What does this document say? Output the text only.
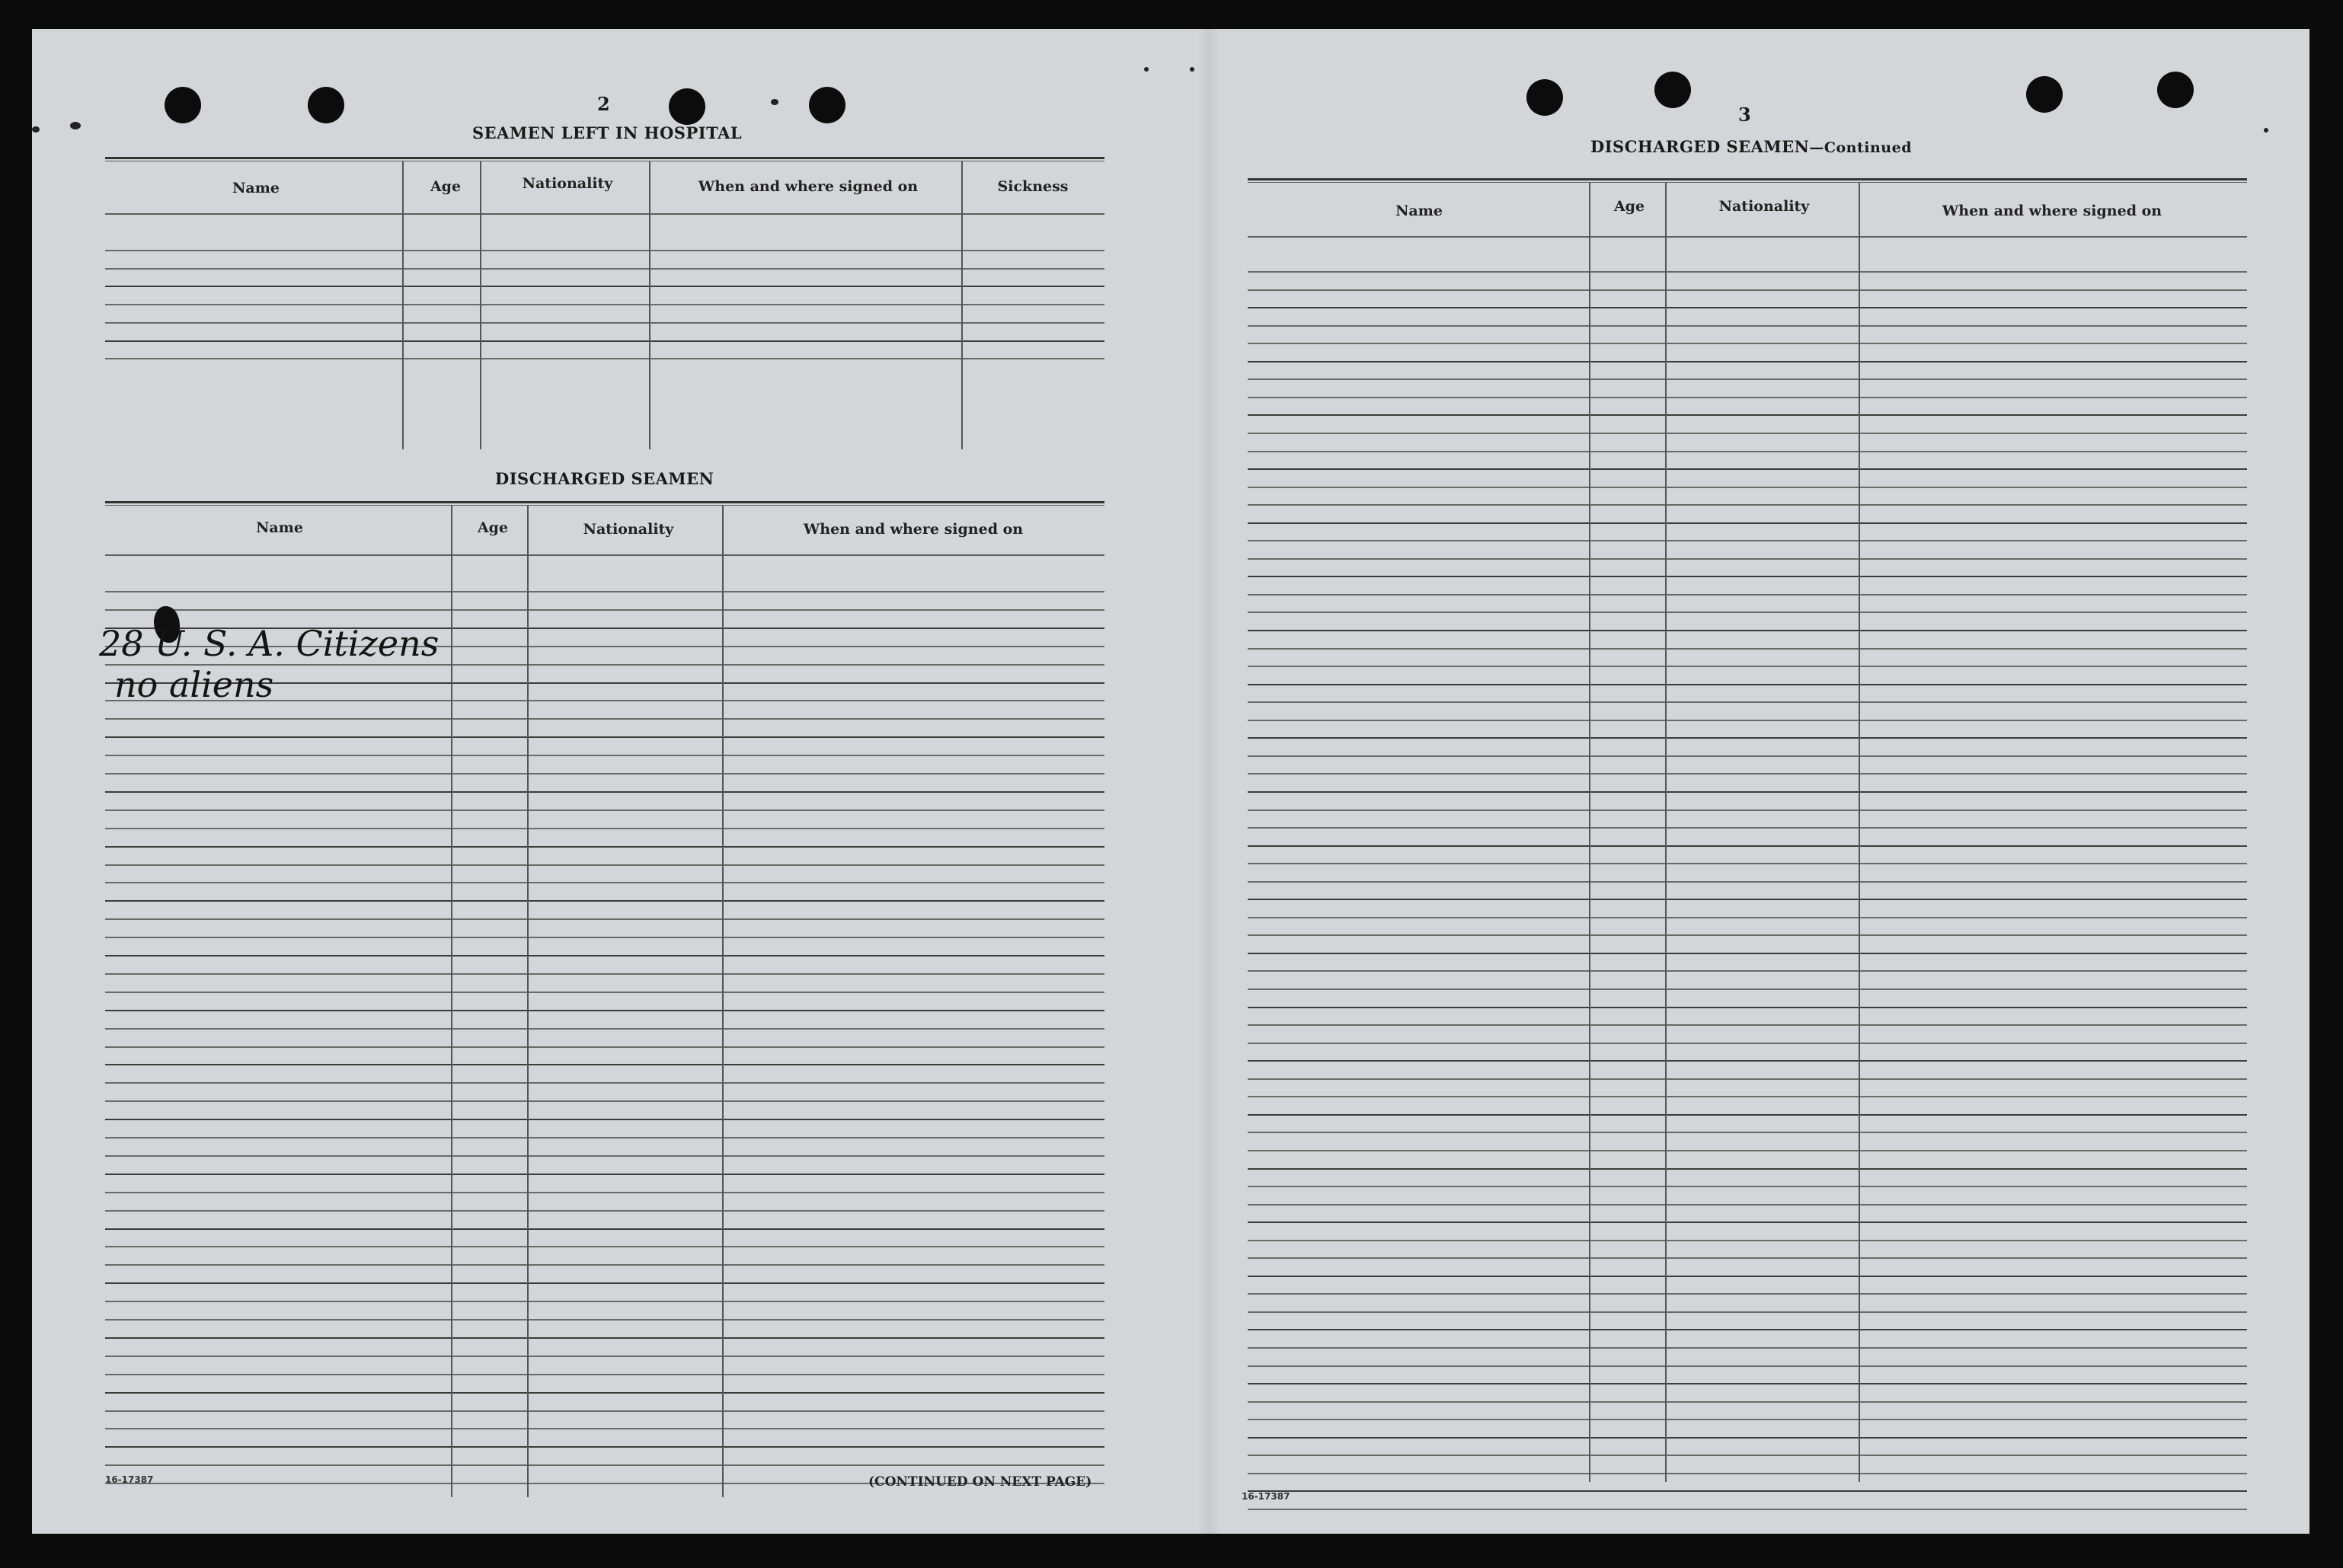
2
SEAMEN LEFT IN HOSPITAL
Name	Age	Nationality	When and where signed on	Sickness
DISCHARGED SEAMEN
Name	Age	Nationality	When and where signed on
28 U. S. A. Citizens
no aliens
16-17387	(CONTINUED ON NEXT PAGE)
3
DISCHARGED SEAMEN—Continued
Name	Age	Nationality	When and where signed on
16-17387
